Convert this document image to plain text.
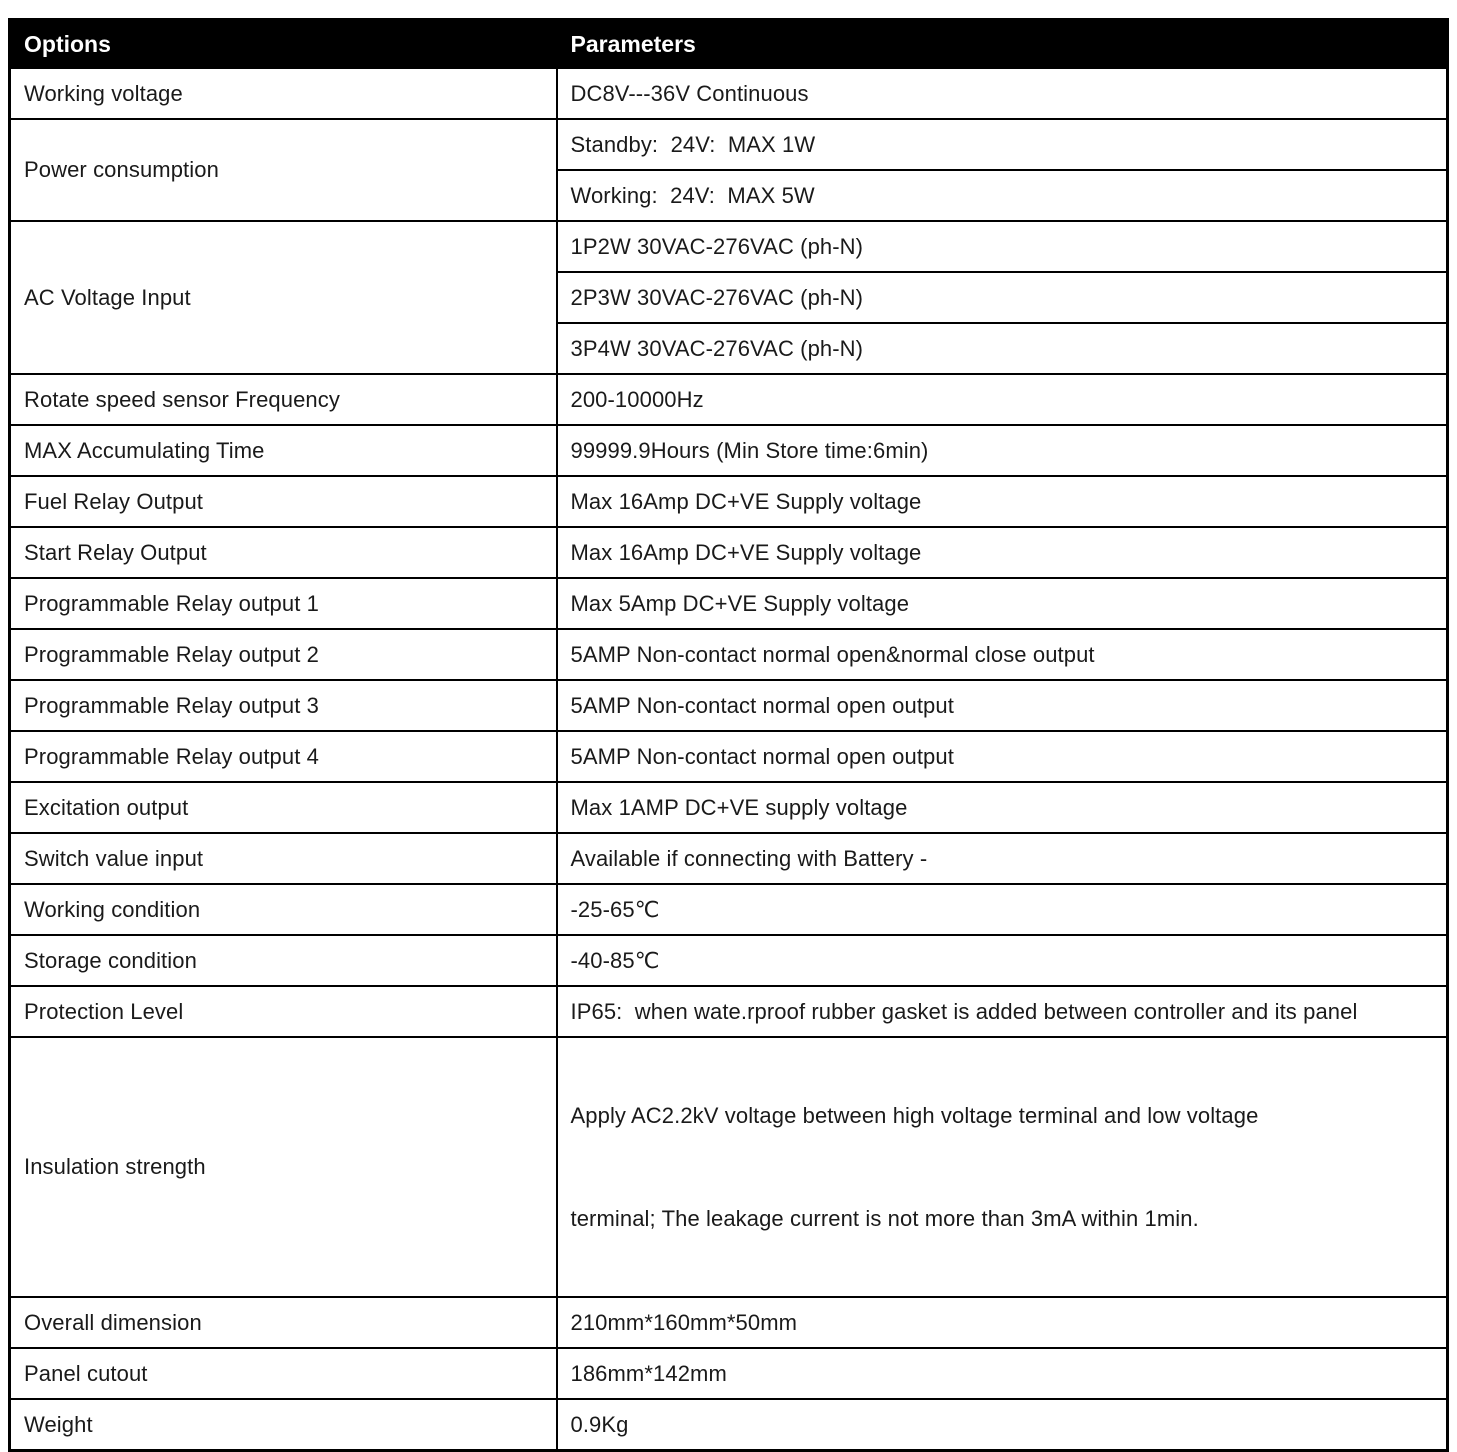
Options	Parameters
Working voltage	DC8V---36V Continuous
Power consumption	Standby:  24V:  MAX 1W
	Working:  24V:  MAX 5W
AC Voltage Input	1P2W 30VAC-276VAC (ph-N)
	2P3W 30VAC-276VAC (ph-N)
	3P4W 30VAC-276VAC (ph-N)
Rotate speed sensor Frequency	200-10000Hz
MAX Accumulating Time	99999.9Hours (Min Store time:6min)
Fuel Relay Output	Max 16Amp DC+VE Supply voltage
Start Relay Output	Max 16Amp DC+VE Supply voltage
Programmable Relay output 1	Max 5Amp DC+VE Supply voltage
Programmable Relay output 2	5AMP Non-contact normal open&normal close output
Programmable Relay output 3	5AMP Non-contact normal open output
Programmable Relay output 4	5AMP Non-contact normal open output
Excitation output	Max 1AMP DC+VE supply voltage
Switch value input	Available if connecting with Battery -
Working condition	-25-65℃
Storage condition	-40-85℃
Protection Level	IP65:  when wate.rproof rubber gasket is added between controller and its panel
Insulation strength	Apply AC2.2kV voltage between high voltage terminal and low voltage

terminal; The leakage current is not more than 3mA within 1min.

Overall dimension	210mm*160mm*50mm
Panel cutout	186mm*142mm
Weight	0.9Kg
